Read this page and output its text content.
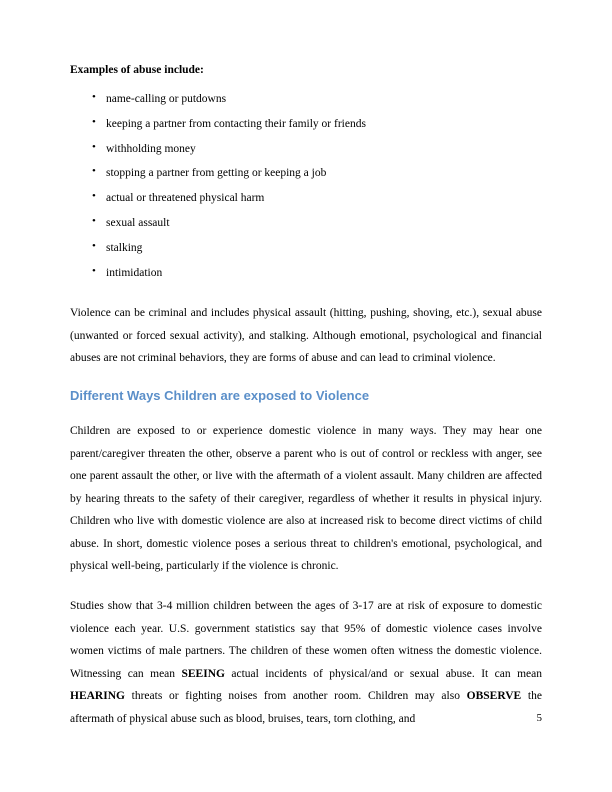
Examples of abuse include:

• name-calling or putdowns
• keeping a partner from contacting their family or friends
• withholding money
• stopping a partner from getting or keeping a job
• actual or threatened physical harm
• sexual assault
• stalking
• intimidation

Violence can be criminal and includes physical assault (hitting, pushing, shoving, etc.), sexual abuse (unwanted or forced sexual activity), and stalking. Although emotional, psychological and financial abuses are not criminal behaviors, they are forms of abuse and can lead to criminal violence.

Different Ways Children are exposed to Violence

Children are exposed to or experience domestic violence in many ways. They may hear one parent/caregiver threaten the other, observe a parent who is out of control or reckless with anger, see one parent assault the other, or live with the aftermath of a violent assault. Many children are affected by hearing threats to the safety of their caregiver, regardless of whether it results in physical injury. Children who live with domestic violence are also at increased risk to become direct victims of child abuse. In short, domestic violence poses a serious threat to children's emotional, psychological, and physical well-being, particularly if the violence is chronic.

Studies show that 3-4 million children between the ages of 3-17 are at risk of exposure to domestic violence each year. U.S. government statistics say that 95% of domestic violence cases involve women victims of male partners. The children of these women often witness the domestic violence. Witnessing can mean SEEING actual incidents of physical/and or sexual abuse. It can mean HEARING threats or fighting noises from another room. Children may also OBSERVE the aftermath of physical abuse such as blood, bruises, tears, torn clothing, and	5
